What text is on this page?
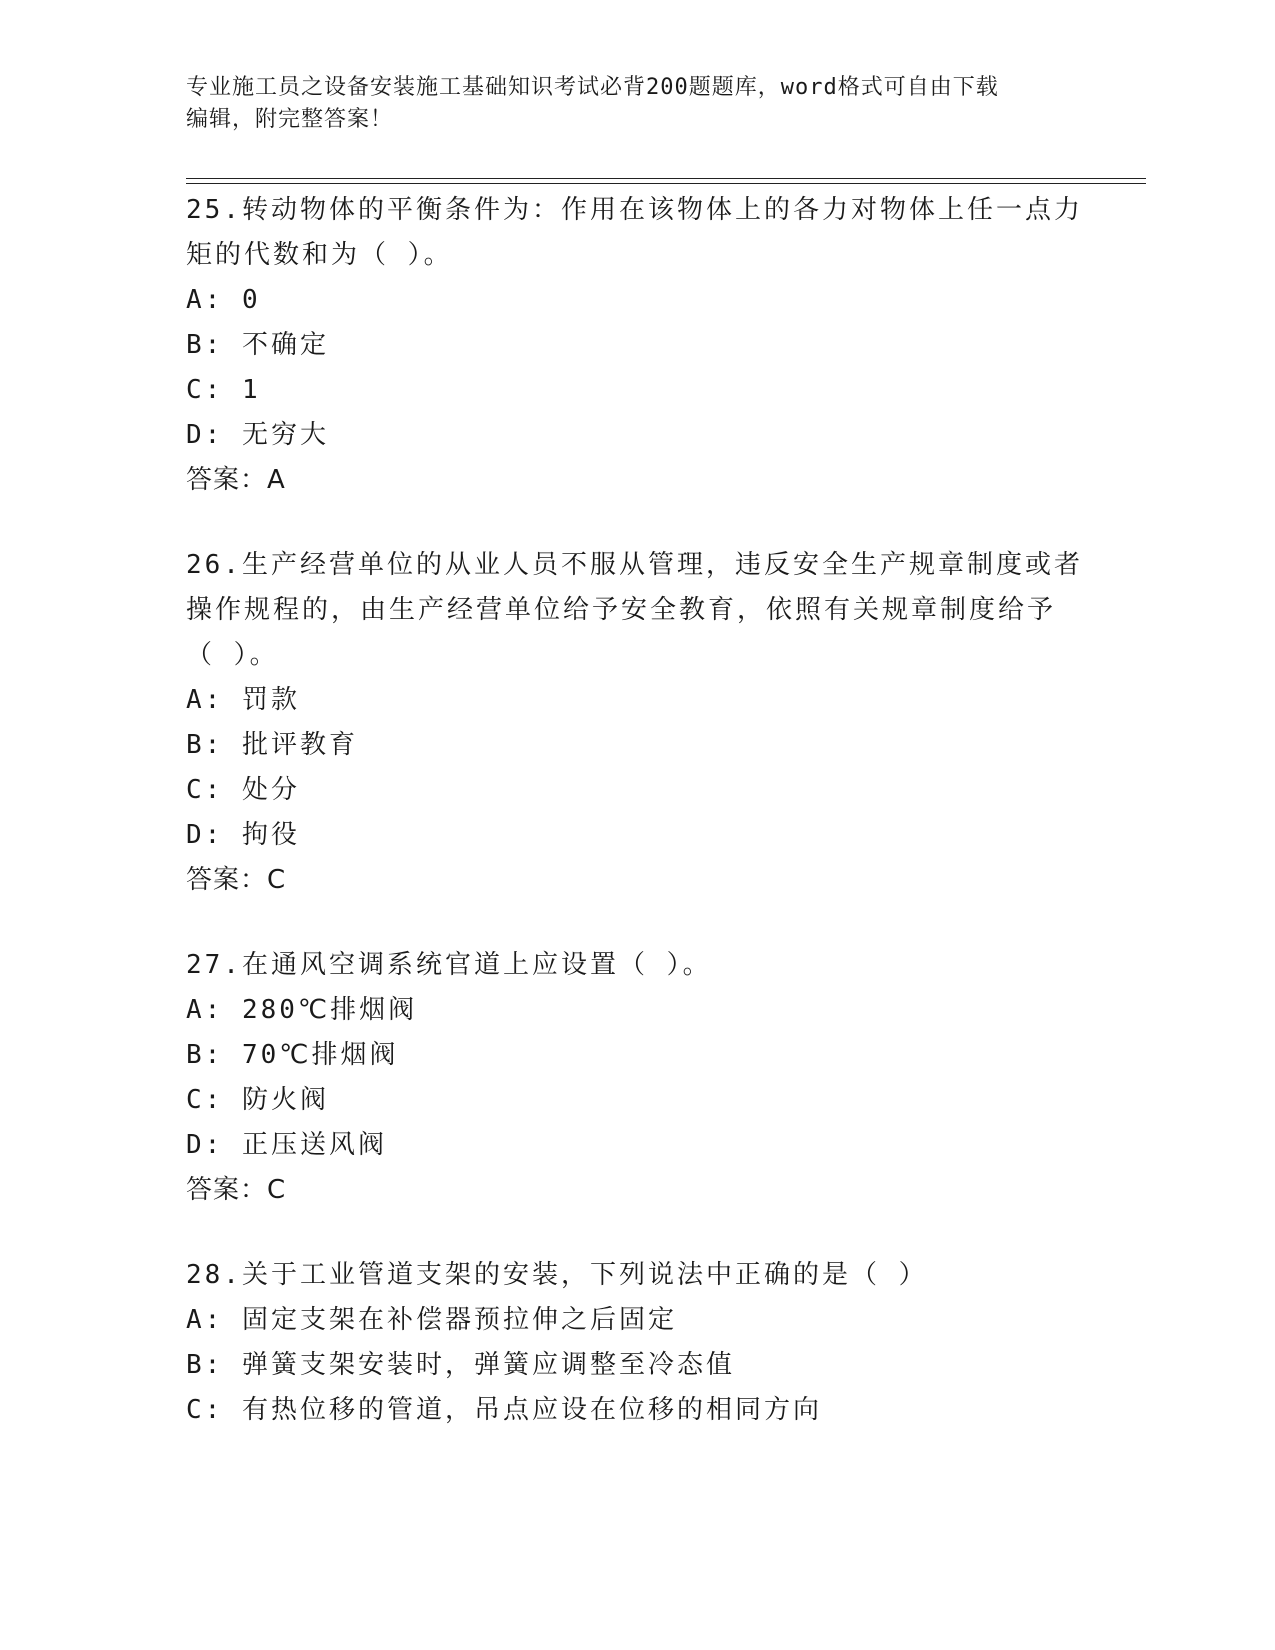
专业施工员之设备安装施工基础知识考试必背200题题库，word格式可自由下载
编辑，附完整答案！
25.转动物体的平衡条件为：作用在该物体上的各力对物体上任一点力
矩的代数和为（ ）。
A: 0
B: 不确定
C: 1
D: 无穷大
答案：A
26.生产经营单位的从业人员不服从管理，违反安全生产规章制度或者
操作规程的，由生产经营单位给予安全教育，依照有关规章制度给予
（ ）。
A: 罚款
B: 批评教育
C: 处分
D: 拘役
答案：C
27.在通风空调系统官道上应设置（ ）。
A: 280℃排烟阀
B: 70℃排烟阀
C: 防火阀
D: 正压送风阀
答案：C
28.关于工业管道支架的安装，下列说法中正确的是（ ）
A: 固定支架在补偿器预拉伸之后固定
B: 弹簧支架安装时，弹簧应调整至冷态值
C: 有热位移的管道，吊点应设在位移的相同方向
